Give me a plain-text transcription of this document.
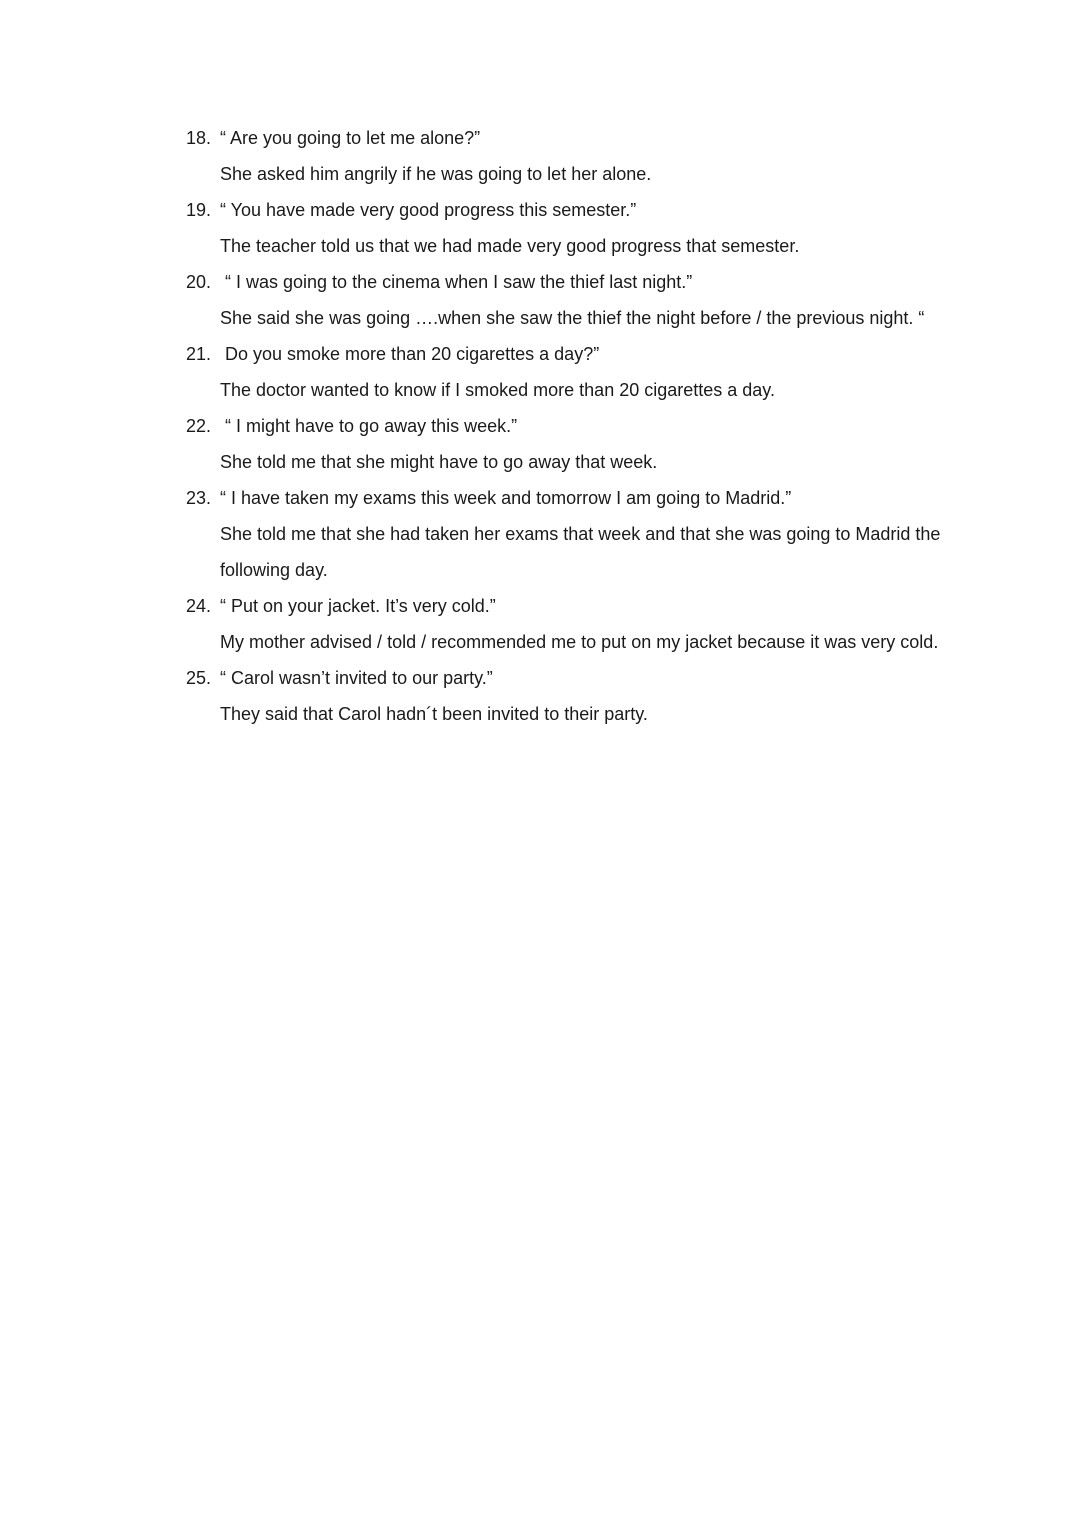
18. “ Are you going to let me alone?”
She asked him angrily if he was going to let her alone.
19. “ You have made very good progress this semester.”
The teacher told us that we had made very good progress that semester.
20. “ I was going to the cinema when I saw the thief last night.”
She said she was going ….when she saw the thief the night before / the previous night. “
21. Do you smoke more than 20 cigarettes a day?”
The doctor wanted to know if I smoked more than 20 cigarettes a day.
22. “ I might have to go away this week.”
She told me that she might have to go away that week.
23. “ I have taken my exams this week and tomorrow I am going to Madrid.”
She told me that she had taken her exams that week and that she was going to Madrid the following day.
24. “ Put on your jacket. It’s very cold.”
My mother advised / told / recommended me to put on my jacket because it was very cold.
25. “ Carol wasn’t invited to our party.”
They said that Carol hadn´t been invited to their party.
